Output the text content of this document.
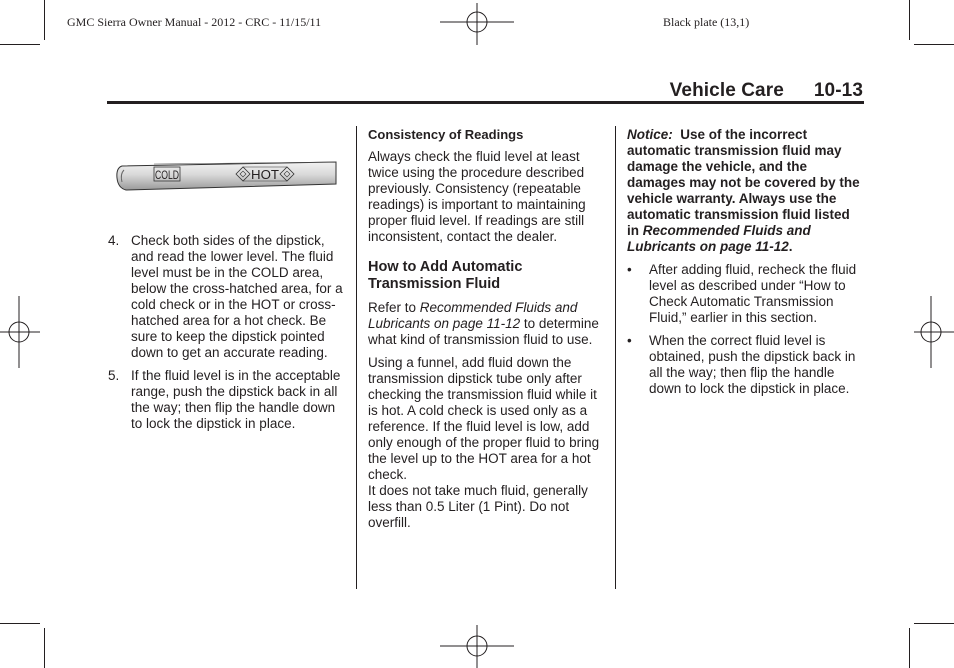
GMC Sierra Owner Manual - 2012 - CRC - 11/15/11	Black plate (13,1)
Vehicle Care 10-13
COLD	HOT
4. Check both sides of the dipstick, and read the lower level. The fluid level must be in the COLD area, below the cross-hatched area, for a cold check or in the HOT or cross-hatched area for a hot check. Be sure to keep the dipstick pointed down to get an accurate reading.
5. If the fluid level is in the acceptable range, push the dipstick back in all the way; then flip the handle down to lock the dipstick in place.

Consistency of Readings

Always check the fluid level at least twice using the procedure described previously. Consistency (repeatable readings) is important to maintaining proper fluid level. If readings are still inconsistent, contact the dealer.

How to Add Automatic Transmission Fluid

Refer to Recommended Fluids and Lubricants on page 11-12 to determine what kind of transmission fluid to use.

Using a funnel, add fluid down the transmission dipstick tube only after checking the transmission fluid while it is hot. A cold check is used only as a reference. If the fluid level is low, add only enough of the proper fluid to bring the level up to the HOT area for a hot check.

It does not take much fluid, generally less than 0.5 Liter (1 Pint). Do not overfill.

Notice: Use of the incorrect automatic transmission fluid may damage the vehicle, and the damages may not be covered by the vehicle warranty. Always use the automatic transmission fluid listed in Recommended Fluids and Lubricants on page 11-12.

• After adding fluid, recheck the fluid level as described under “How to Check Automatic Transmission Fluid,” earlier in this section.
• When the correct fluid level is obtained, push the dipstick back in all the way; then flip the handle down to lock the dipstick in place.
